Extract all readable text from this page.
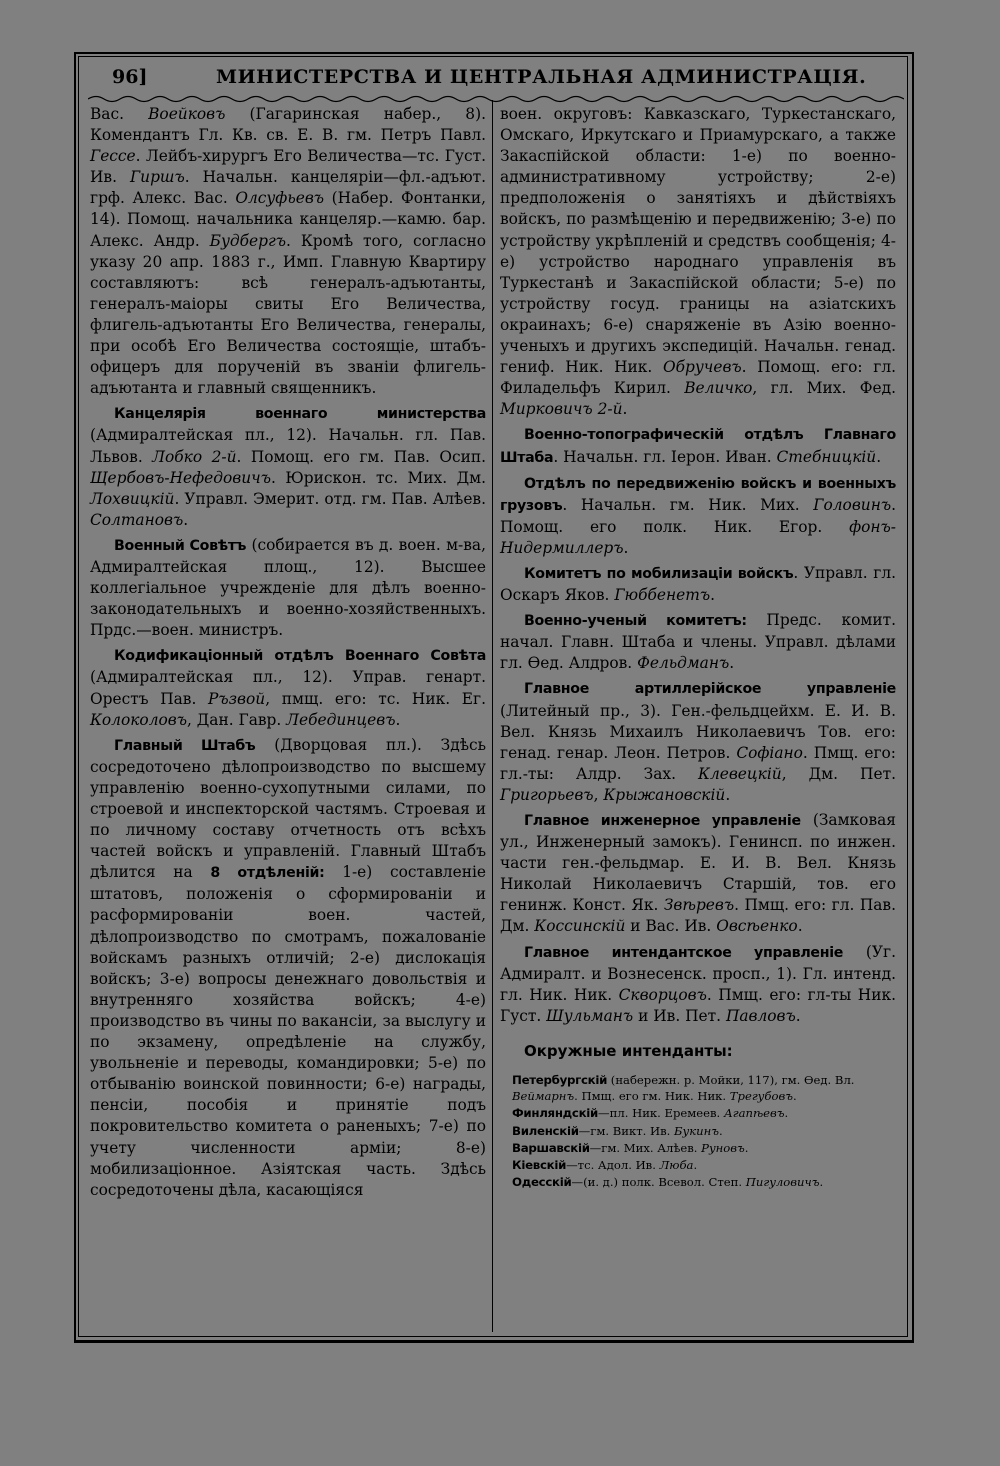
96]	МИНИСТЕРСТВА И ЦЕНТРАЛЬНАЯ АДМИНИСТРАЦІЯ.

Вас. Воейковъ (Гагаринская набер., 8). Комендантъ Гл. Кв. св. Е. В. гм. Петръ Павл. Гессе. Лейбъ-хирургъ Его Величества—тс. Густ. Ив. Гиршъ. Начальн. канцеляріи—фл.-адъют. грф. Алекс. Вас. Олсуфьевъ (Набер. Фонтанки, 14). Помощ. начальника канцеляр.—камю. бар. Алекс. Андр. Будбергъ. Кромѣ того, согласно указу 20 апр. 1883 г., Имп. Главную Квартиру составляютъ: всѣ генералъ-адъютанты, генералъ-маіоры свиты Его Величества, флигель-адъютанты Его Величества, генералы, при особѣ Его Величества состоящіе, штабъ-офицеръ для порученій въ званіи флигель-адъютанта и главный священникъ.

Канцелярія военнаго министерства (Адмиралтейская пл., 12). Начальн. гл. Пав. Львов. Лобко 2-й. Помощ. его гм. Пав. Осип. Щербовъ-Нефедовичъ. Юрискон. тс. Мих. Дм. Лохвицкій. Управл. Эмерит. отд. гм. Пав. Алѣев. Солтановъ.

Военный Совѣтъ (собирается въ д. воен. м-ва, Адмиралтейская площ., 12). Высшее коллегіальное учрежденіе для дѣлъ военно-законодательныхъ и военно-хозяйственныхъ. Прдс.—воен. министръ.

Кодификаціонный отдѣлъ Военнаго Совѣта (Адмиралтейская пл., 12). Управ. генарт. Орестъ Пав. Ръзвой, пмщ. его: тс. Ник. Ег. Колоколовъ, Дан. Гавр. Лебединцевъ.

Главный Штабъ (Дворцовая пл.). Здѣсь сосредоточено дѣлопроизводство по высшему управленію военно-сухопутными силами, по строевой и инспекторской частямъ. Строевая и по личному составу отчетность отъ всѣхъ частей войскъ и управленій. Главный Штабъ дѣлится на 8 отдѣленій: 1-е) составленіе штатовъ, положенія о сформированіи и расформированіи воен. частей, дѣлопроизводство по смотрамъ, пожалованіе войскамъ разныхъ отличій; 2-е) дислокація войскъ; 3-е) вопросы денежнаго довольствія и внутренняго хозяйства войскъ; 4-е) производство въ чины по вакансіи, за выслугу и по экзамену, опредѣленіе на службу, увольненіе и переводы, командировки; 5-е) по отбыванію воинской повинности; 6-е) награды, пенсіи, пособія и принятіе подъ покровительство комитета о раненыхъ; 7-е) по учету численности арміи; 8-е) мобилизаціонное. Азіятская часть. Здѣсь сосредоточены дѣла, касающіяся

воен. округовъ: Кавказскаго, Туркестанскаго, Омскаго, Иркутскаго и Приамурскаго, а также Закаспійской области: 1-е) по военно-административному устройству; 2-е) предположенія о занятіяхъ и дѣйствіяхъ войскъ, по размѣщенію и передвиженію; 3-е) по устройству укрѣпленій и средствъ сообщенія; 4-е) устройство народнаго управленія въ Туркестанѣ и Закаспійской области; 5-е) по устройству госуд. границы на азіатскихъ окраинахъ; 6-е) снаряженіе въ Азію военно-ученыхъ и другихъ экспедицій. Начальн. генад. гениф. Ник. Ник. Обручевъ. Помощ. его: гл. Филадельфъ Кирил. Величко, гл. Мих. Фед. Мирковичъ 2-й.

Военно-топографическій отдѣлъ Главнаго Штаба. Начальн. гл. Іерон. Иван. Стебницкій.

Отдѣлъ по передвиженію войскъ и военныхъ грузовъ. Начальн. гм. Ник. Мих. Головинъ. Помощ. его полк. Ник. Егор. фонъ-Нидермиллеръ.

Комитетъ по мобилизаціи войскъ. Управл. гл. Оскаръ Яков. Гюббенетъ.

Военно-ученый комитетъ: Предс. комит. начал. Главн. Штаба и члены. Управл. дѣлами гл. Ѳед. Алдров. Фельдманъ.

Главное артиллерійское управленіе (Литейный пр., 3). Ген.-фельдцейхм. Е. И. В. Вел. Князь Михаилъ Николаевичъ Тов. его: генад. генар. Леон. Петров. Софіано. Пмщ. его: гл.-ты: Алдр. Зах. Клевецкій, Дм. Пет. Григорьевъ, Крыжановскій.

Главное инженерное управленіе (Замковая ул., Инженерный замокъ). Генинсп. по инжен. части ген.-фельдмар. Е. И. В. Вел. Князь Николай Николаевичъ Старшій, тов. его генинж. Конст. Як. Звѣревъ. Пмщ. его: гл. Пав. Дм. Коссинскій и Вас. Ив. Овсѣенко.

Главное интендантское управленіе (Уг. Адмиралт. и Вознесенск. просп., 1). Гл. интенд. гл. Ник. Ник. Скворцовъ. Пмщ. его: гл-ты Ник. Густ. Шульманъ и Ив. Пет. Павловъ.

Окружные интенданты:

Петербургскій (набережн. р. Мойки, 117), гм. Ѳед. Вл. Веймарнъ. Пмщ. его гм. Ник. Ник. Трегубовъ.

Финляндскій—пл. Ник. Еремеев. Агапѣевъ.

Виленскій—гм. Викт. Ив. Букинъ.

Варшавскій—гм. Мих. Алѣев. Руновъ.

Кіевскій—тс. Адол. Ив. Люба.

Одесскій—(и. д.) полк. Всевол. Степ. Пигуловичъ.
